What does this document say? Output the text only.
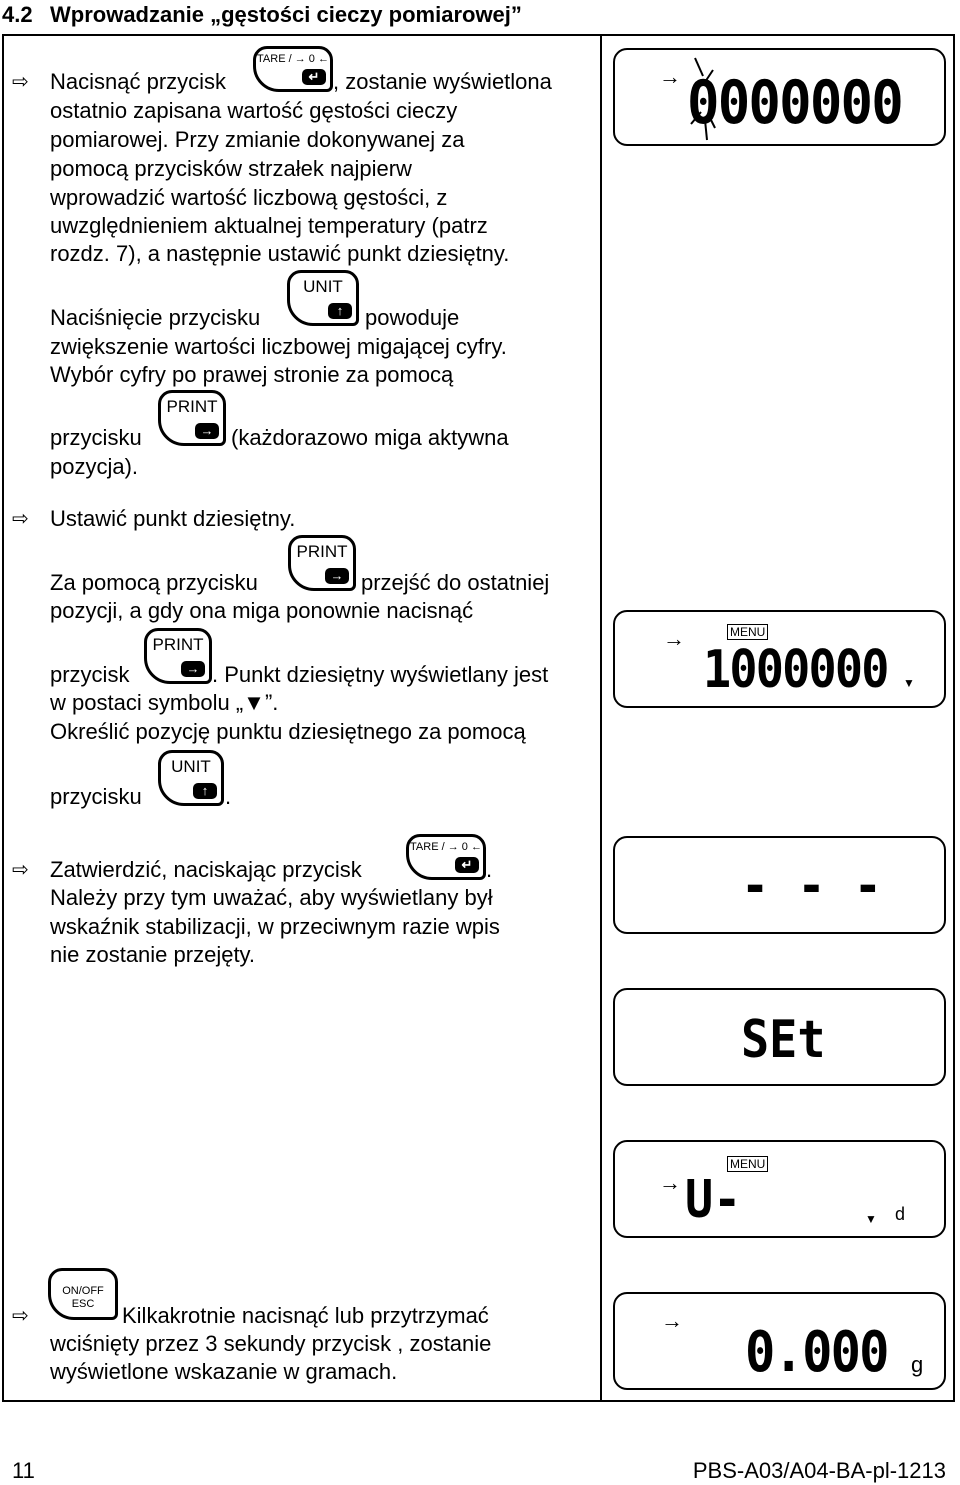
4.2 Wprowadzanie „gęstości cieczy pomiarowej”
⇨ Nacisnąć przycisk
TARE / → 0 ←
↵ , zostanie wyświetlona
ostatnio zapisana wartość gęstości cieczy
pomiarowej. Przy zmianie dokonywanej za
pomocą przycisków strzałek najpierw
wprowadzić wartość liczbową gęstości, z
uwzględnieniem aktualnej temperatury (patrz
rozdz. 7), a następnie ustawić punkt dziesiętny.
Naciśnięcie przycisku
UNIT
↑ powoduje
zwiększenie wartości liczbowej migającej cyfry.
Wybór cyfry po prawej stronie za pomocą
przycisku
PRINT
→ (każdorazowo miga aktywna
pozycja).
⇨ Ustawić punkt dziesiętny.
Za pomocą przycisku
PRINT
→ przejść do ostatniej
pozycji, a gdy ona miga ponownie nacisnąć
przycisk
PRINT
→ . Punkt dziesiętny wyświetlany jest
w postaci symbolu „▼”.
Określić pozycję punktu dziesiętnego za pomocą
przycisku
UNIT
↑ .
⇨ Zatwierdzić, naciskając przycisk
TARE / → 0 ←
↵ .
Należy przy tym uważać, aby wyświetlany był
wskaźnik stabilizacji, w przeciwnym razie wpis
nie zostanie przejęty.
ON/OFF
ESC
⇨	Kilkakrotnie nacisnąć lub przytrzymać
wciśnięty przez 3 sekundy przycisk , zostanie
wyświetlone wskazanie w gramach.
→ 0000000
→	MENU
1000000 ▼
- - -
SEt
→
MENU
U-	▼ d
→ 0.000 g
11	PBS-A03/A04-BA-pl-1213
